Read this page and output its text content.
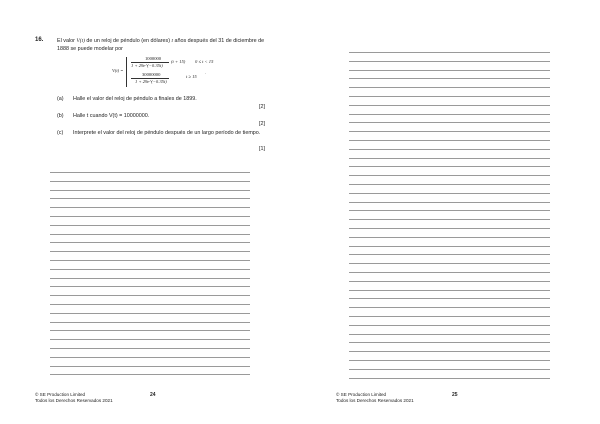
16.	El valor V(t) de un reloj de péndulo (en dólares) t años después del 31 de diciembre de 1888 se puede modelar por
V(t) =
1000000
1 + 29e^(−0.35t)
(t + 15) 0 ≤ t < 15
30000000
1 + 29e^(−0.35t)
t ≥ 15
.
(a) Halle el valor del reloj de péndulo a finales de 1899.
[2]
(b) Halle t cuando V(t) = 10000000.
[2]
(c) Interprete el valor del reloj de péndulo después de un largo período de tiempo.
[1]
© SE Production Limited
Todos los Derechos Reservados 2021
24	© SE Production Limited
Todos los Derechos Reservados 2021
25
